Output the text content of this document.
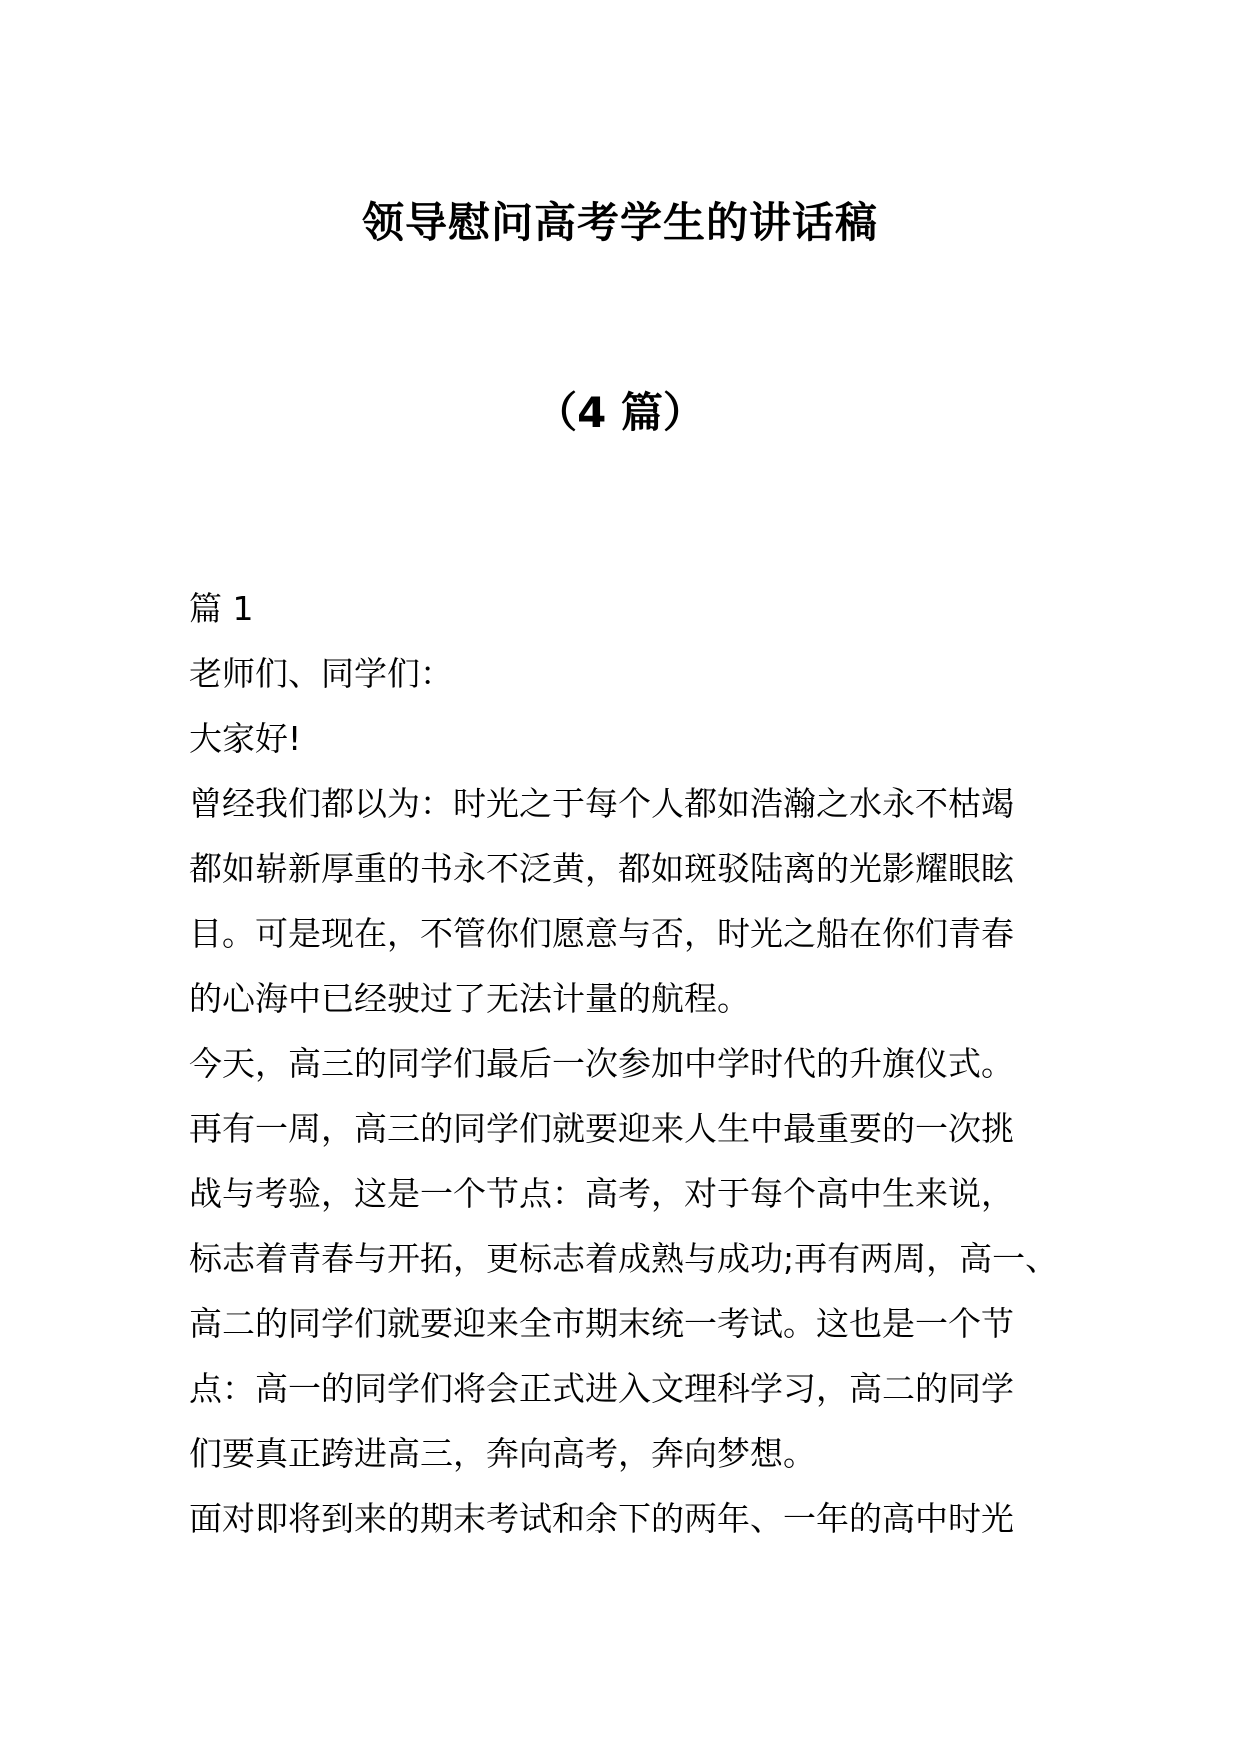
领导慰问高考学生的讲话稿
（4 篇）
篇 1
老师们、同学们：
大家好!
曾经我们都以为：时光之于每个人都如浩瀚之水永不枯竭
都如崭新厚重的书永不泛黄，都如斑驳陆离的光影耀眼眩
目。可是现在，不管你们愿意与否，时光之船在你们青春
的心海中已经驶过了无法计量的航程。
今天，高三的同学们最后一次参加中学时代的升旗仪式。
再有一周，高三的同学们就要迎来人生中最重要的一次挑
战与考验，这是一个节点：高考，对于每个高中生来说，
标志着青春与开拓，更标志着成熟与成功;再有两周，高一、
高二的同学们就要迎来全市期末统一考试。这也是一个节
点：高一的同学们将会正式进入文理科学习，高二的同学
们要真正跨进高三，奔向高考，奔向梦想。
面对即将到来的期末考试和余下的两年、一年的高中时光
